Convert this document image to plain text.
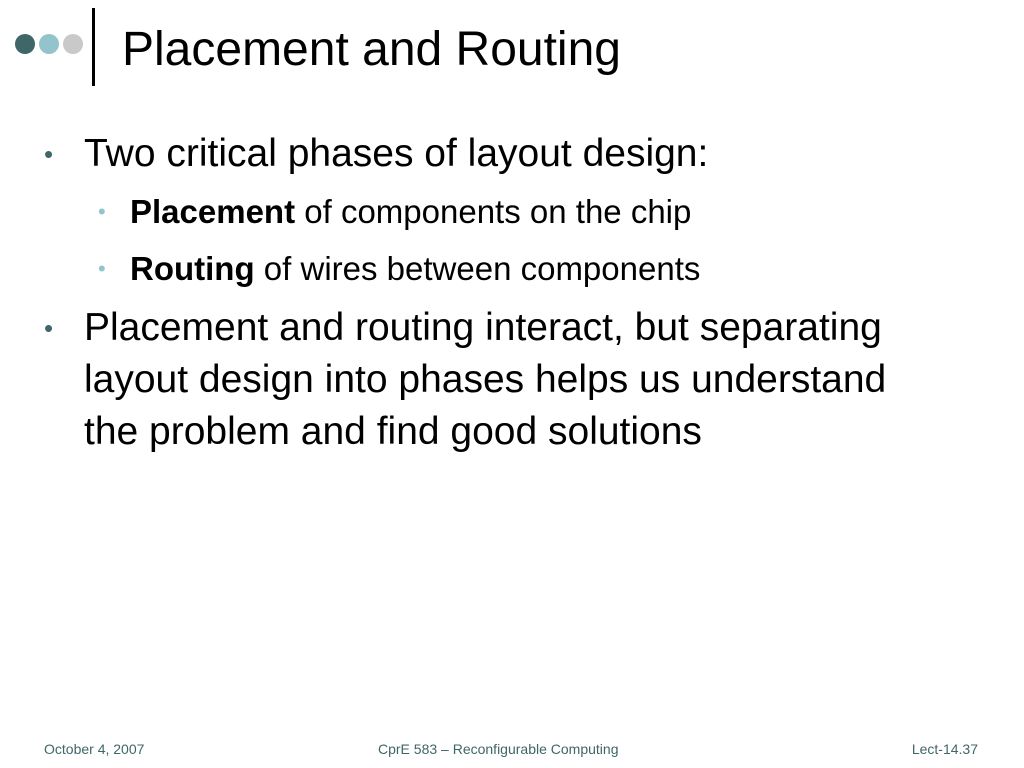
Placement and Routing
• Two critical phases of layout design:
• Placement of components on the chip
• Routing of wires between components
• Placement and routing interact, but separating
layout design into phases helps us understand
the problem and find good solutions
October 4, 2007	CprE 583 – Reconfigurable Computing	Lect-14.37
